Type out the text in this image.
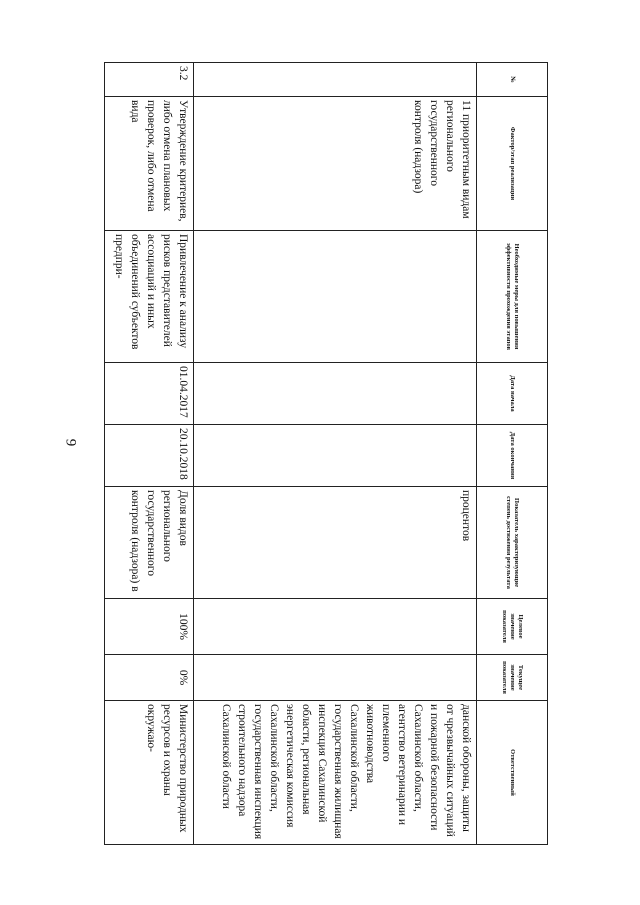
9
№	Фактор/этап реализации	Необходимые меры для повышения эффективности прохождения этапов	Дата начала	Дата окончания	Показатель характеризующие степень достижения результата	Целевое значение показателя	Текущее значение показателя	Ответственный
	11 приоритетным видам регионального государственного контроля (надзора)				процентов			данской обороны, защиты от чрезвычайных ситуаций и пожарной безопасности Сахалинской области, агентство ветеринарии и племенного животноводства Сахалинской области, государственная жилищная инспекция Сахалинской области, региональная энергетическая комиссия Сахалинской области, государственная инспекция строительного надзора Сахалинской области
3.2	Утверждение критериев, либо отмена плановых проверок, либо отмена вида	Привлечение к анализу рисков представителей ассоциаций и иных объединений субъектов предпри-	01.04.2017	20.10.2018	Доля видов регионального государственного контроля (надзора) в	100%	0%	Министерство природных ресурсов и охраны окружаю-
